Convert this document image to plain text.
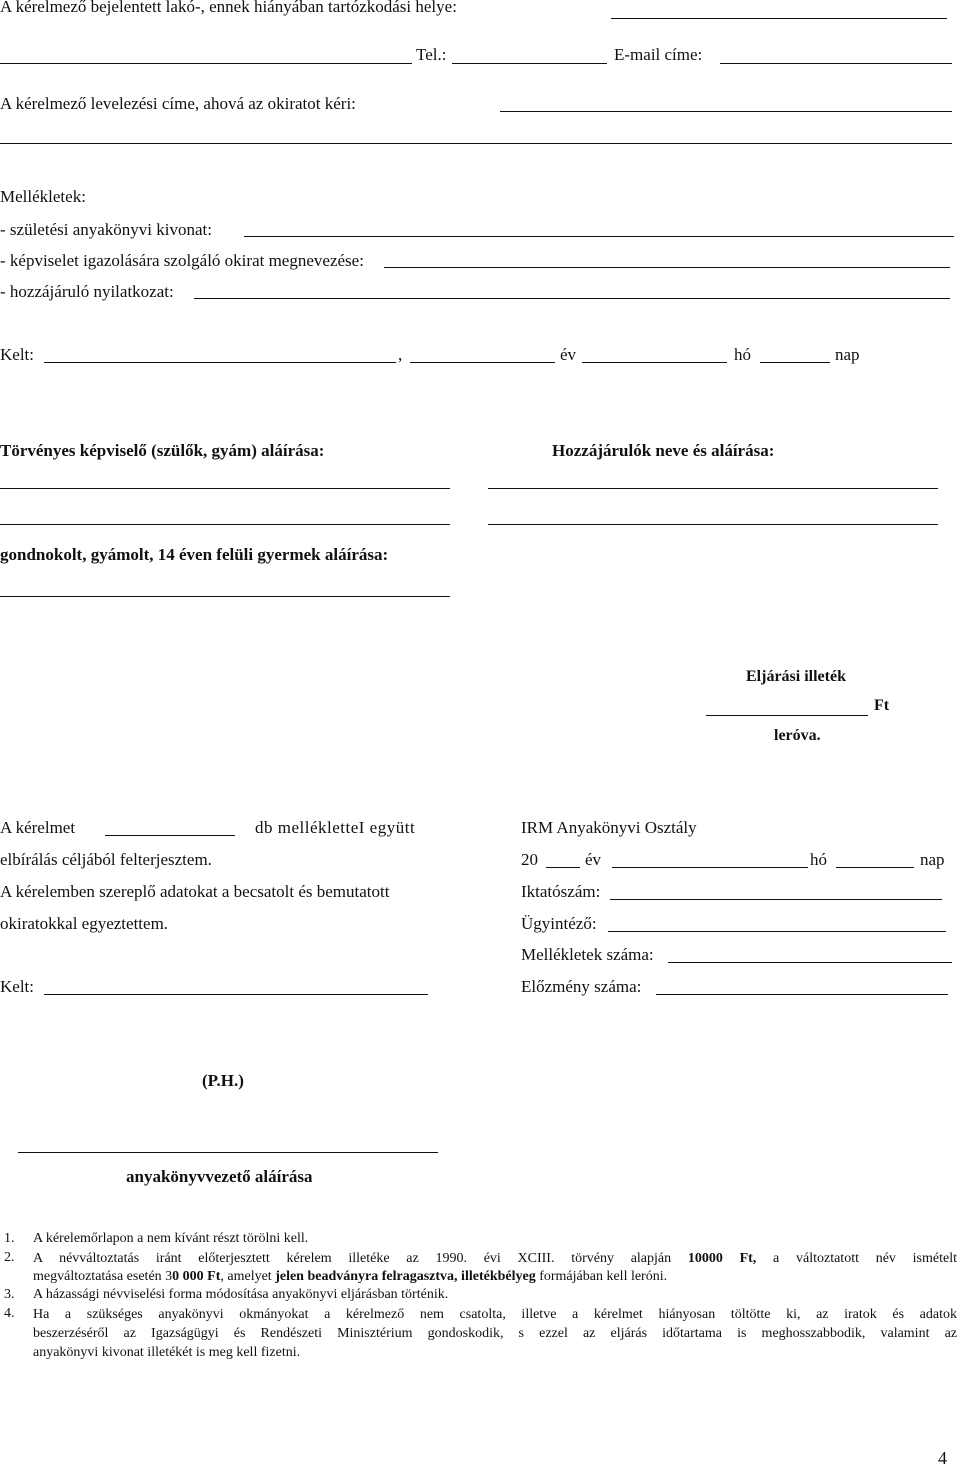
A kérelmező bejelentett lakó-, ennek hiányában tartózkodási helye:
Tel.:	E-mail címe:
A kérelmező levelezési címe, ahová az okiratot kéri:
Mellékletek:
- születési anyakönyvi kivonat:
- képviselet igazolására szolgáló okirat megnevezése:
- hozzájáruló nyilatkozat:
Kelt:	,	év	hó	nap
Törvényes képviselő (szülők, gyám) aláírása:	Hozzájárulók neve és aláírása:
gondnokolt, gyámolt, 14 éven felüli gyermek aláírása:
Eljárási illeték
Ft
leróva.
A kérelmet	db mellékletteI együtt
elbírálás céljából felterjesztem.
A kérelemben szereplő adatokat a becsatolt és bemutatott
okiratokkal egyeztettem.
Kelt:
IRM Anyakönyvi Osztály
20	év	hó	nap
Iktatószám:
Ügyintéző:
Mellékletek száma:
Előzmény száma:
(P.H.)
anyakönyvvezető aláírása
1. A kérelemőrlapon a nem kívánt részt törölni kell.
2. A névváltoztatás iránt előterjesztett kérelem illetéke az 1990. évi XCIII. törvény alapján 10000 Ft, a változtatott név ismételt
megváltoztatása esetén 30 000 Ft, amelyet jelen beadványra felragasztva, illetékbélyeg formájában kell leróni.
3. A házassági névviselési forma módosítása anyakönyvi eljárásban történik.
4. Ha a szükséges anyakönyvi okmányokat a kérelmező nem csatolta, illetve a kérelmet hiányosan töltötte ki, az iratok és adatok
beszerzéséről az Igazságügyi és Rendészeti Minisztérium gondoskodik, s ezzel az eljárás időtartama is meghosszabbodik, valamint az
anyakönyvi kivonat illetékét is meg kell fizetni.
4
